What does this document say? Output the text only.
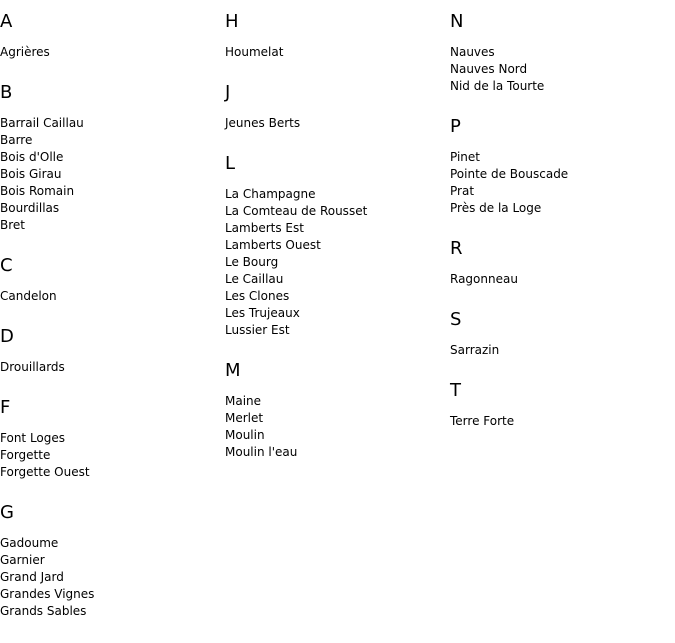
A
Agrières
B
Barrail Caillau
Barre
Bois d'Olle
Bois Girau
Bois Romain
Bourdillas
Bret
C
Candelon
D
Drouillards
F
Font Loges
Forgette
Forgette Ouest
G
Gadoume
Garnier
Grand Jard
Grandes Vignes
Grands Sables
H
Houmelat
J
Jeunes Berts
L
La Champagne
La Comteau de Rousset
Lamberts Est
Lamberts Ouest
Le Bourg
Le Caillau
Les Clones
Les Trujeaux
Lussier Est
M
Maine
Merlet
Moulin
Moulin l'eau
N
Nauves
Nauves Nord
Nid de la Tourte
P
Pinet
Pointe de Bouscade
Prat
Près de la Loge
R
Ragonneau
S
Sarrazin
T
Terre Forte
